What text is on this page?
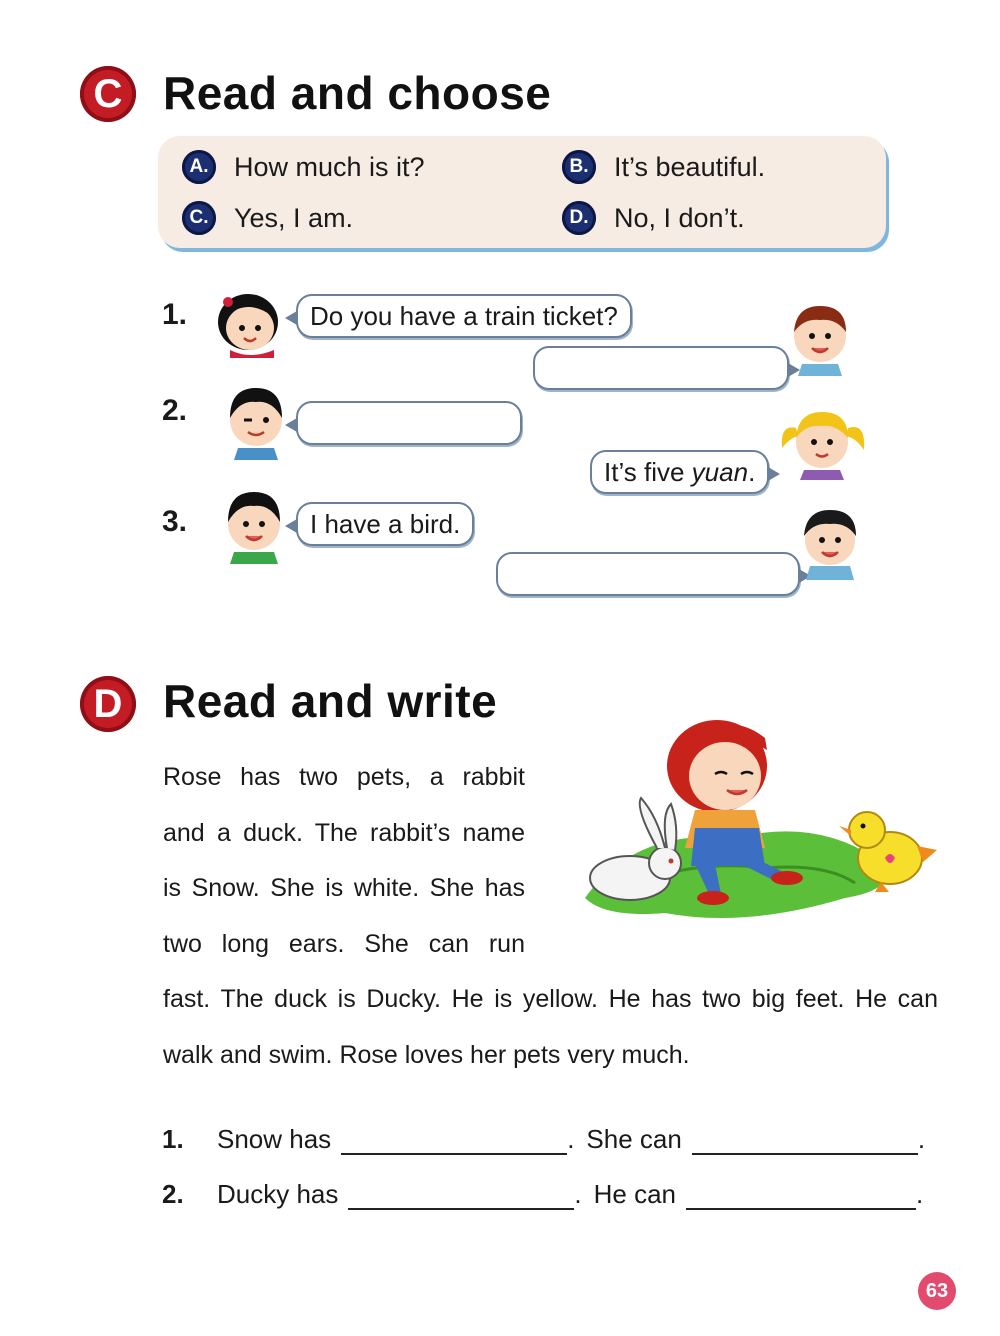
C Read and choose
A. How much is it?	B. It’s beautiful.
C. Yes, I am.	D. No, I don’t.
1.	Do you have a train ticket?
2.
It’s five yuan.
3.	I have a bird.
D Read and write
Rose has two pets, a rabbit
and a duck. The rabbit’s name
is Snow. She is white. She has
two long ears. She can run
fast. The duck is Ducky. He is yellow. He has two big feet. He can walk and swim. Rose loves her pets very much.
1.	Snow has	. She can	.
2.	Ducky has	. He can	.
63
